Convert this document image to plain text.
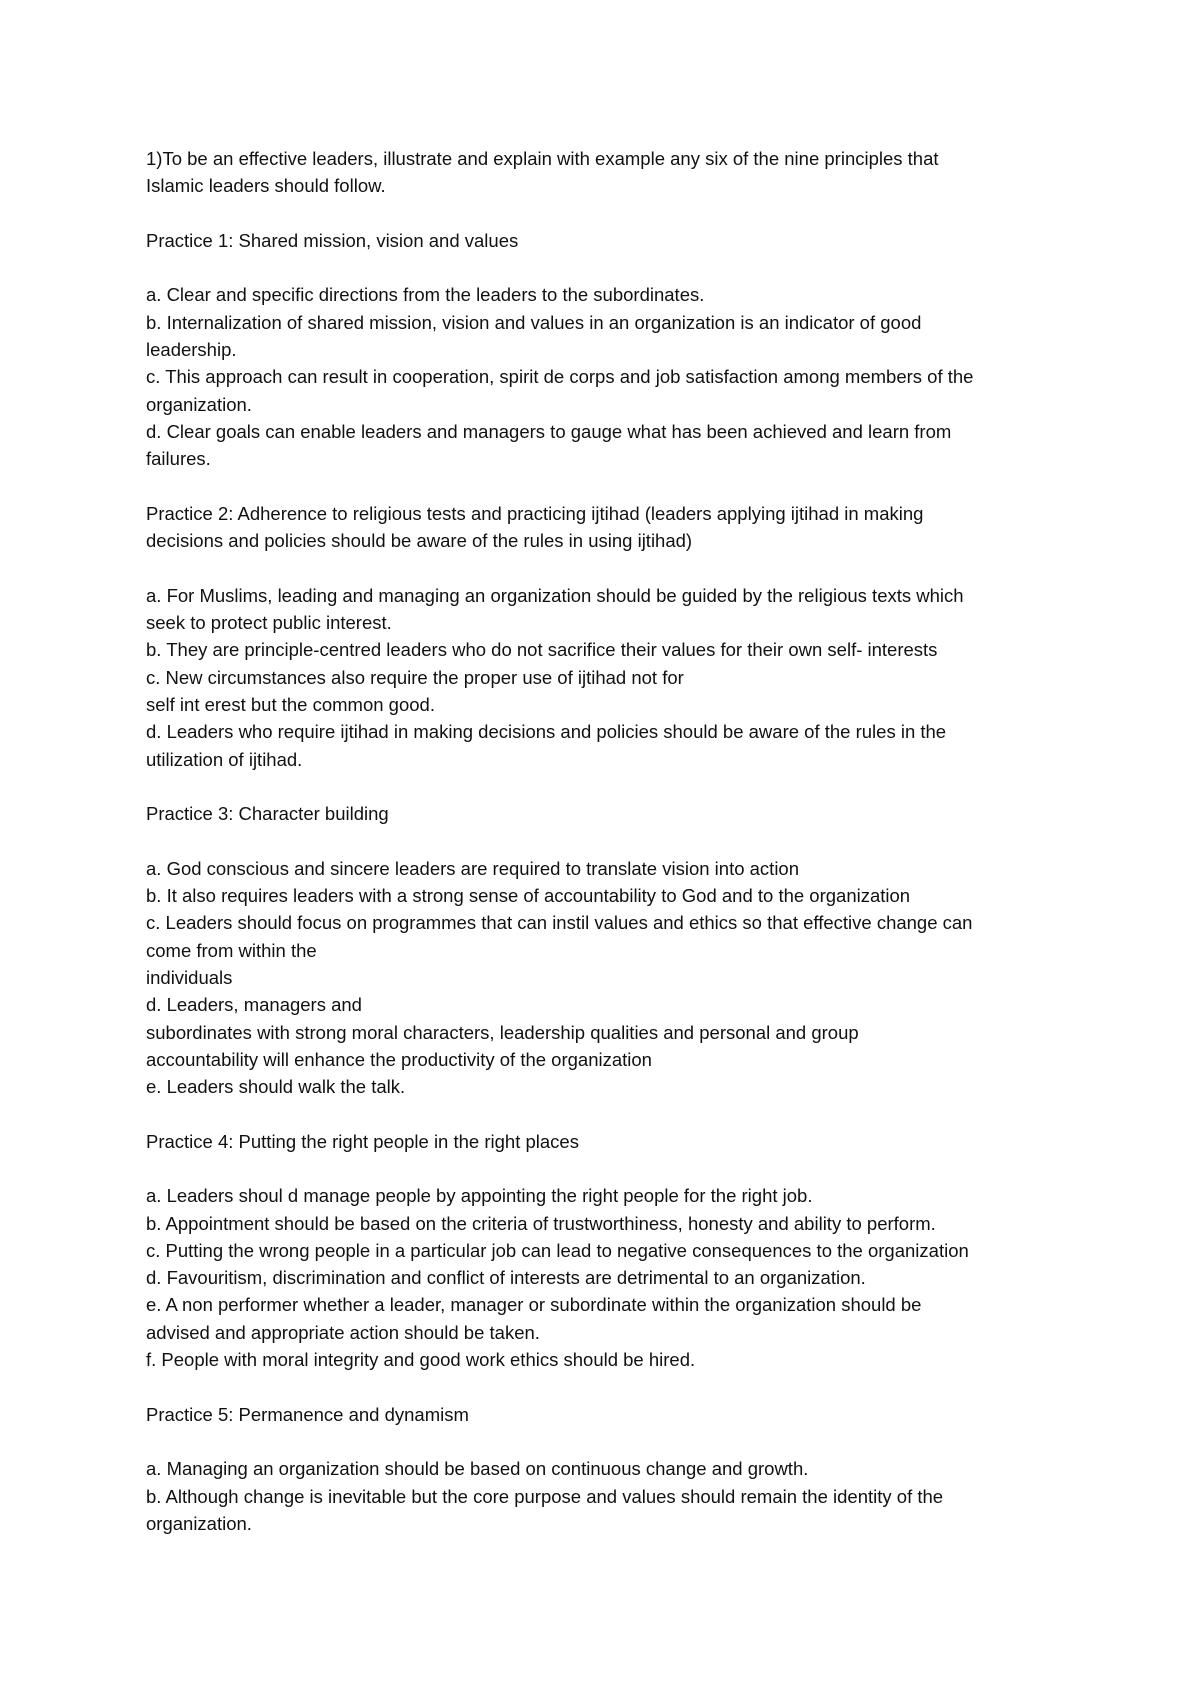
1)To be an effective leaders, illustrate and explain with example any six of the nine principles that
Islamic leaders should follow.
Practice 1: Shared mission, vision and values
a. Clear and specific directions from the leaders to the subordinates.
b. Internalization of shared mission, vision and values in an organization is an indicator of good
leadership.
c. This approach can result in cooperation, spirit de corps and job satisfaction among members of the
organization.
d. Clear goals can enable leaders and managers to gauge what has been achieved and learn from
failures.
Practice 2: Adherence to religious tests and practicing ijtihad (leaders applying ijtihad in making
decisions and policies should be aware of the rules in using ijtihad)
a. For Muslims, leading and managing an organization should be guided by the religious texts which
seek to protect public interest.
b. They are principle-centred leaders who do not sacrifice their values for their own self- interests
c. New circumstances also require the proper use of ijtihad not for
self int erest but the common good.
d. Leaders who require ijtihad in making decisions and policies should be aware of the rules in the
utilization of ijtihad.
Practice 3: Character building
a. God conscious and sincere leaders are required to translate vision into action
b. It also requires leaders with a strong sense of accountability to God and to the organization
c. Leaders should focus on programmes that can instil values and ethics so that effective change can
come from within the
individuals
d. Leaders, managers and
subordinates with strong moral characters, leadership qualities and personal and group
accountability will enhance the productivity of the organization
e. Leaders should walk the talk.
Practice 4: Putting the right people in the right places
a. Leaders shoul d manage people by appointing the right people for the right job.
b. Appointment should be based on the criteria of trustworthiness, honesty and ability to perform.
c. Putting the wrong people in a particular job can lead to negative consequences to the organization
d. Favouritism, discrimination and conflict of interests are detrimental to an organization.
e. A non performer whether a leader, manager or subordinate within the organization should be
advised and appropriate action should be taken.
f. People with moral integrity and good work ethics should be hired.
Practice 5: Permanence and dynamism
a. Managing an organization should be based on continuous change and growth.
b. Although change is inevitable but the core purpose and values should remain the identity of the
organization.
